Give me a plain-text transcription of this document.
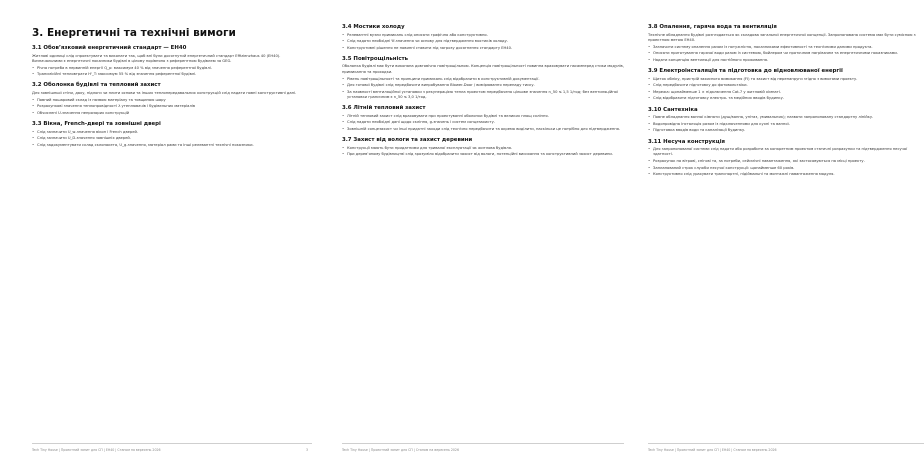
3. Енергетичні та технічні вимоги
3.1 Обов’язковий енергетичний стандарт — EH40

Житлові одиниці слід спроектувати та виконати так, щоб вні були досягнутий енергетичний стандарт Effizienzhaus 40 (EH40). Визначальними є енергетичні показники будівлі в цілому порівняно з референтною будівлею за GEG.

• Річна потреба в первинній енергії Q_p: максимум 40 % від значення референтної будівлі.
• Трансмісійні тепловтрати H'_T: максимум 55 % від значення референтної будівлі.
3.2 Оболонка будівлі та тепловий захист

Для зовнішньої стіни, даху, підлоги чи плити основи та інших теплопередавальних конструкцій слід надати повні конструктивні дані.

• Повний пошаровий склад із назвою матеріалу та товщиною шару
• Розрахункові значення теплопровідності λ утеплювачів і будівельних матеріалів
• Обчислені U-значення непрозорих конструкцій
3.3 Вікна, French-двері та зовнішні двері
• Слід зазначити U_w-значення вікон і French дверей.
• Слід зазначити U_D-значення зовнішніх дверей.
• Слід задокументувати склад склопакета, U_g-значення, матеріал рами та інші релевантні технічні показники.
Tech Tiny House | Проектний запит для СП | EH40 | Станом на вересень 2026	3
3.4 Мостики холоду
• Релевантні вузли примикань слід описати графічно або конструктивно.
• Слід надати необхідні Ψ-значення чи основу для підтвердження мостиків холоду.
• Конструктивні рішення не повинні ставити під загрозу досягнення стандарту EH40.
3.5 Повітрощільність

Оболонка будівлі має бути виконана довговічно повітрощільною. Концепція повітрощільності повинна враховувати насамперед стики модулів, примикання та проходки.

• Рівень повітрощільності та принципи примикань слід відобразити в конструктивній документації.
• Для готової будівлі слід передбачити випробування Blower-Door / вимірювання перепаду тиску.
• За наявності вентиляційної установки з рекуперацією тепла проектом передбачено цільове значення n_50 ≤ 1,5 1/год; без вентиляційної установки граничним є n_50 ≤ 3,0 1/год.
3.6 Літній тепловий захист
• Літній тепловий захист слід враховувати при проектуванні оболонки будівлі та великих площ скління.
• Слід надати необхідні дані щодо скління, g-значень і систем сонцезахисту.
• Зовнішній сонцезахист чи інші придатні заходи слід технічно передбачити та окремо виділити, наскільки це потрібно для підтвердження.
3.7 Захист від вологи та захист деревини
• Конструкції мають бути придатними для тривалої експлуатації як житлова будівля.
• При дерев’яному будівництві слід зрозуміло відобразити захист від вологи, потенційні висихання та конструктивний захист деревини.
Tech Tiny House | Проектний запит для СП | Станом на вересень 2026
3.8 Опалення, гаряча вода та вентиляція

Технічне обладнання будівлі розглядається як складова загальної енергетичної концепції. Запропонована система має бути сумісною з проектною метою EH40.

• Зазначити систему опалення разом із потужністю, показниками ефективності та технічними даними продукта.
• Описати приготування гарячої води разом із системою, бойлером чи проточним нагрівачем та енергетичними показниками.
• Надати концепцію вентиляції для постійного проживання.
3.9 Електроінсталяція та підготовка до відновлюваної енергії
• Щиток обліку, пристрій захисного вимикання (FI) та захист від перенапруги згідно з вимогами проекту.
• Слід передбачити підготовку до фотовольтаїки.
• Мережа: щонайменше 1 × підключення Cat-7 у житловій кімнаті.
• Слід відобразити підготовку електро- та медійних вводів будинку.
3.10 Сантехніка
• Повне обладнання ванної кімнати (душ/ванна, унітаз, умивальник); назвати запропоновану стандартну лінійку.
• Водопровідна інсталяція разом із підключеннями для кухні та ванної.
• Підготовка вводів води та каналізації будинку.
3.11 Несуча конструкція
• Для запропонованої системи слід надати або розробити за конкретним проектом статичні розрахунки та підтвердження несучої здатності.
• Розрахунок на вітрові, снігові та, за потреби, сейсмічні навантаження, які застосовуються на місці проекту.
• Запланований строк служби несучої конструкції: щонайменше 60 років.
• Конструктивно слід урахувати транспортні, підіймальні та монтажні навантаження модуля.
Tech Tiny House | Проектний запит для СП | EH40 | Станом на вересень 2026
